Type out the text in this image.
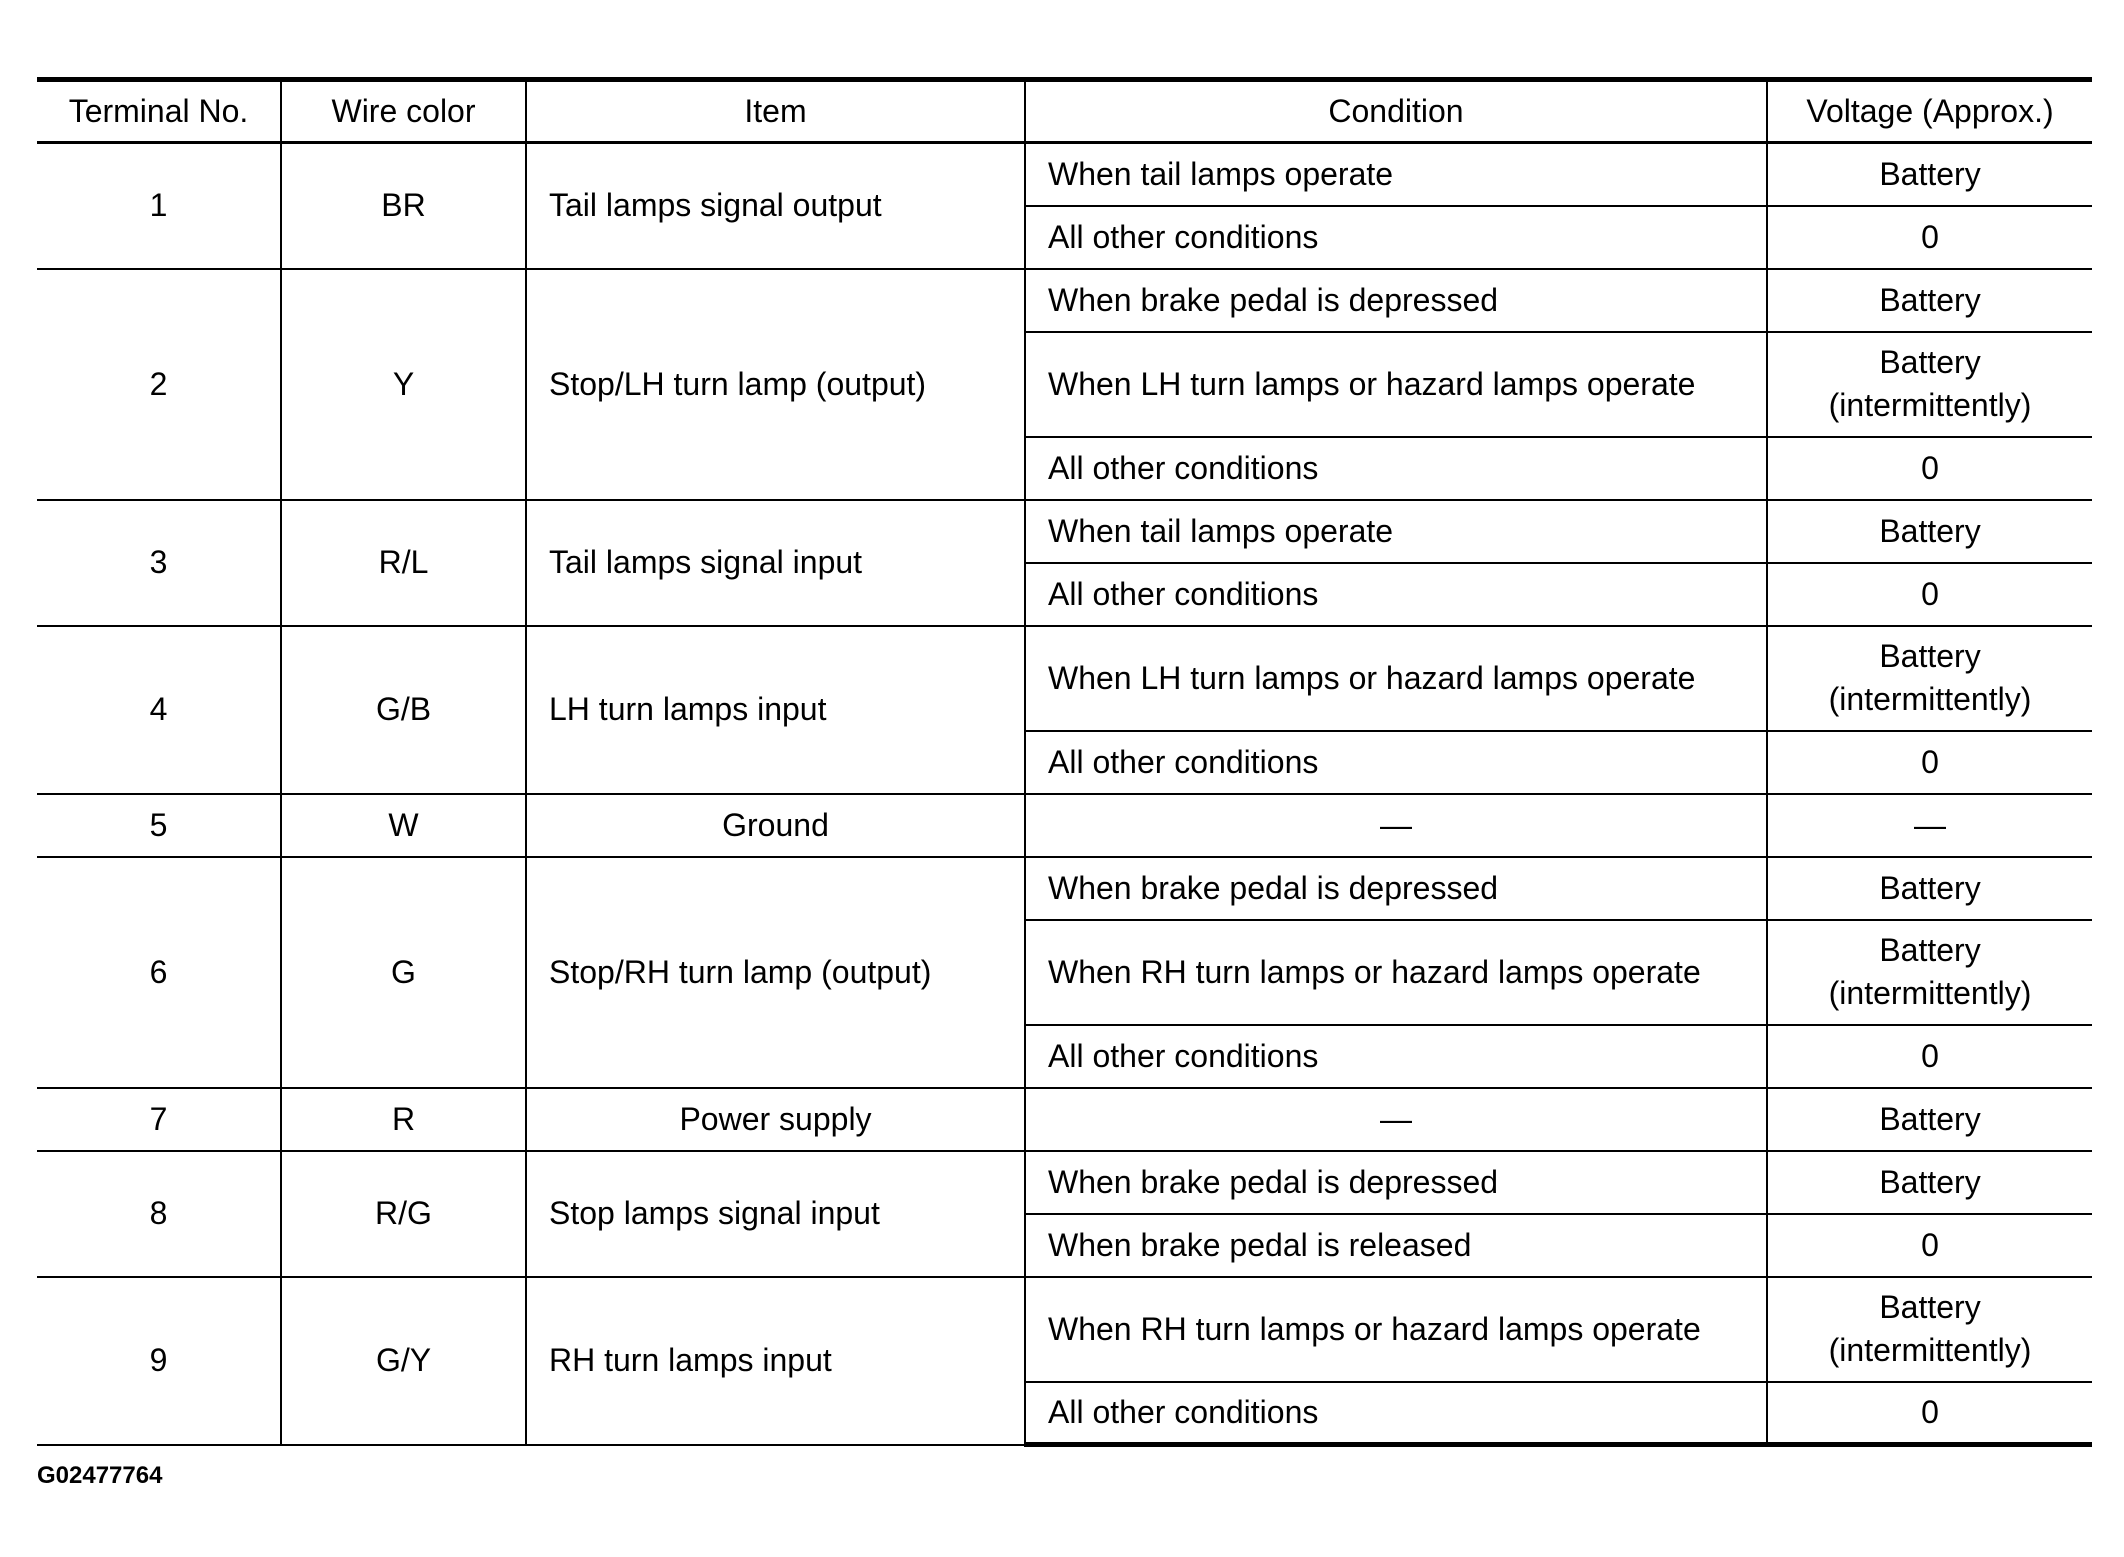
Terminal No.	Wire color	Item	Condition	Voltage (Approx.)
1	BR	Tail lamps signal output	When tail lamps operate	Battery

			All other conditions	0

2	Y	Stop/LH turn lamp (output)	When brake pedal is depressed	Battery

			When LH turn lamps or hazard lamps operate	Battery
(intermittently)

			All other conditions	0

3	R/L	Tail lamps signal input	When tail lamps operate	Battery

			All other conditions	0

4	G/B	LH turn lamps input	When LH turn lamps or hazard lamps operate	Battery
(intermittently)

			All other conditions	0

5	W	Ground	—	—

6	G	Stop/RH turn lamp (output)	When brake pedal is depressed	Battery

			When RH turn lamps or hazard lamps operate	Battery
(intermittently)

			All other conditions	0

7	R	Power supply	—	Battery

8	R/G	Stop lamps signal input	When brake pedal is depressed	Battery

			When brake pedal is released	0

9	G/Y	RH turn lamps input	When RH turn lamps or hazard lamps operate	Battery
(intermittently)

			All other conditions	0
G02477764
